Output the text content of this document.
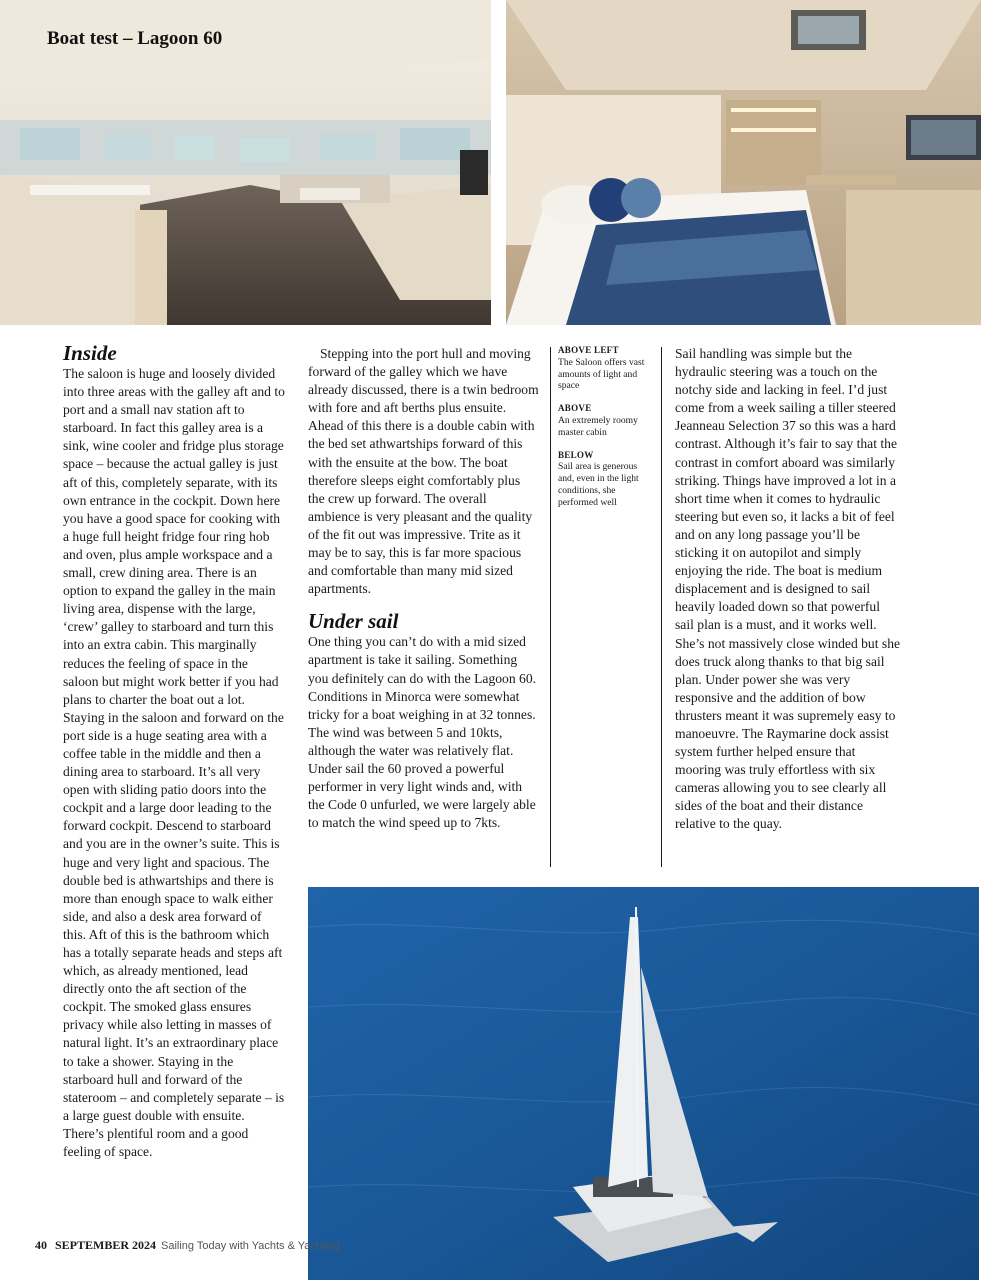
Boat test – Lagoon 60
Inside

The saloon is huge and loosely divided into three areas with the galley aft and to port and a small nav station aft to starboard. In fact this galley area is a sink, wine cooler and fridge plus storage space – because the actual galley is just aft of this, completely separate, with its own entrance in the cockpit. Down here you have a good space for cooking with a huge full height fridge four ring hob and oven, plus ample workspace and a small, crew dining area. There is an option to expand the galley in the main living area, dispense with the large, ‘crew’ galley to starboard and turn this into an extra cabin. This marginally reduces the feeling of space in the saloon but might work better if you had plans to charter the boat out a lot. Staying in the saloon and forward on the port side is a huge seating area with a coffee table in the middle and then a dining area to starboard. It’s all very open with sliding patio doors into the cockpit and a large door leading to the forward cockpit. Descend to starboard and you are in the owner’s suite. This is huge and very light and spacious. The double bed is athwartships and there is more than enough space to walk either side, and also a desk area forward of this. Aft of this is the bathroom which has a totally separate heads and steps aft which, as already mentioned, lead directly onto the aft section of the cockpit. The smoked glass ensures privacy while also letting in masses of natural light. It’s an extraordinary place to take a shower. Staying in the starboard hull and forward of the stateroom – and completely separate – is a large guest double with ensuite. There’s plentiful room and a good feeling of space.

Stepping into the port hull and moving forward of the galley which we have already discussed, there is a twin bedroom with fore and aft berths plus ensuite. Ahead of this there is a double cabin with the bed set athwartships forward of this with the ensuite at the bow. The boat therefore sleeps eight comfortably plus the crew up forward. The overall ambience is very pleasant and the quality of the fit out was impressive. Trite as it may be to say, this is far more spacious and comfortable than many mid sized apartments.

Under sail

One thing you can’t do with a mid sized apartment is take it sailing. Something you definitely can do with the Lagoon 60. Conditions in Minorca were somewhat tricky for a boat weighing in at 32 tonnes. The wind was between 5 and 10kts, although the water was relatively flat. Under sail the 60 proved a powerful performer in very light winds and, with the Code 0 unfurled, we were largely able to match the wind speed up to 7kts.

ABOVE LEFT
The Saloon offers vast amounts of light and space
ABOVE
An extremely roomy master cabin
BELOW
Sail area is generous and, even in the light conditions, she performed well

Sail handling was simple but the hydraulic steering was a touch on the notchy side and lacking in feel. I’d just come from a week sailing a tiller steered Jeanneau Selection 37 so this was a hard contrast. Although it’s fair to say that the contrast in comfort aboard was similarly striking. Things have improved a lot in a short time when it comes to hydraulic steering but even so, it lacks a bit of feel and on any long passage you’ll be sticking it on autopilot and simply enjoying the ride. The boat is medium displacement and is designed to sail heavily loaded down so that powerful sail plan is a must, and it works well. She’s not massively close winded but she does truck along thanks to that big sail plan. Under power she was very responsive and the addition of bow thrusters meant it was supremely easy to manoeuvre. The Raymarine dock assist system further helped ensure that mooring was truly effortless with six cameras allowing you to see clearly all sides of the boat and their distance relative to the quay.

40 SEPTEMBER 2024 Sailing Today with Yachts & Yachting
